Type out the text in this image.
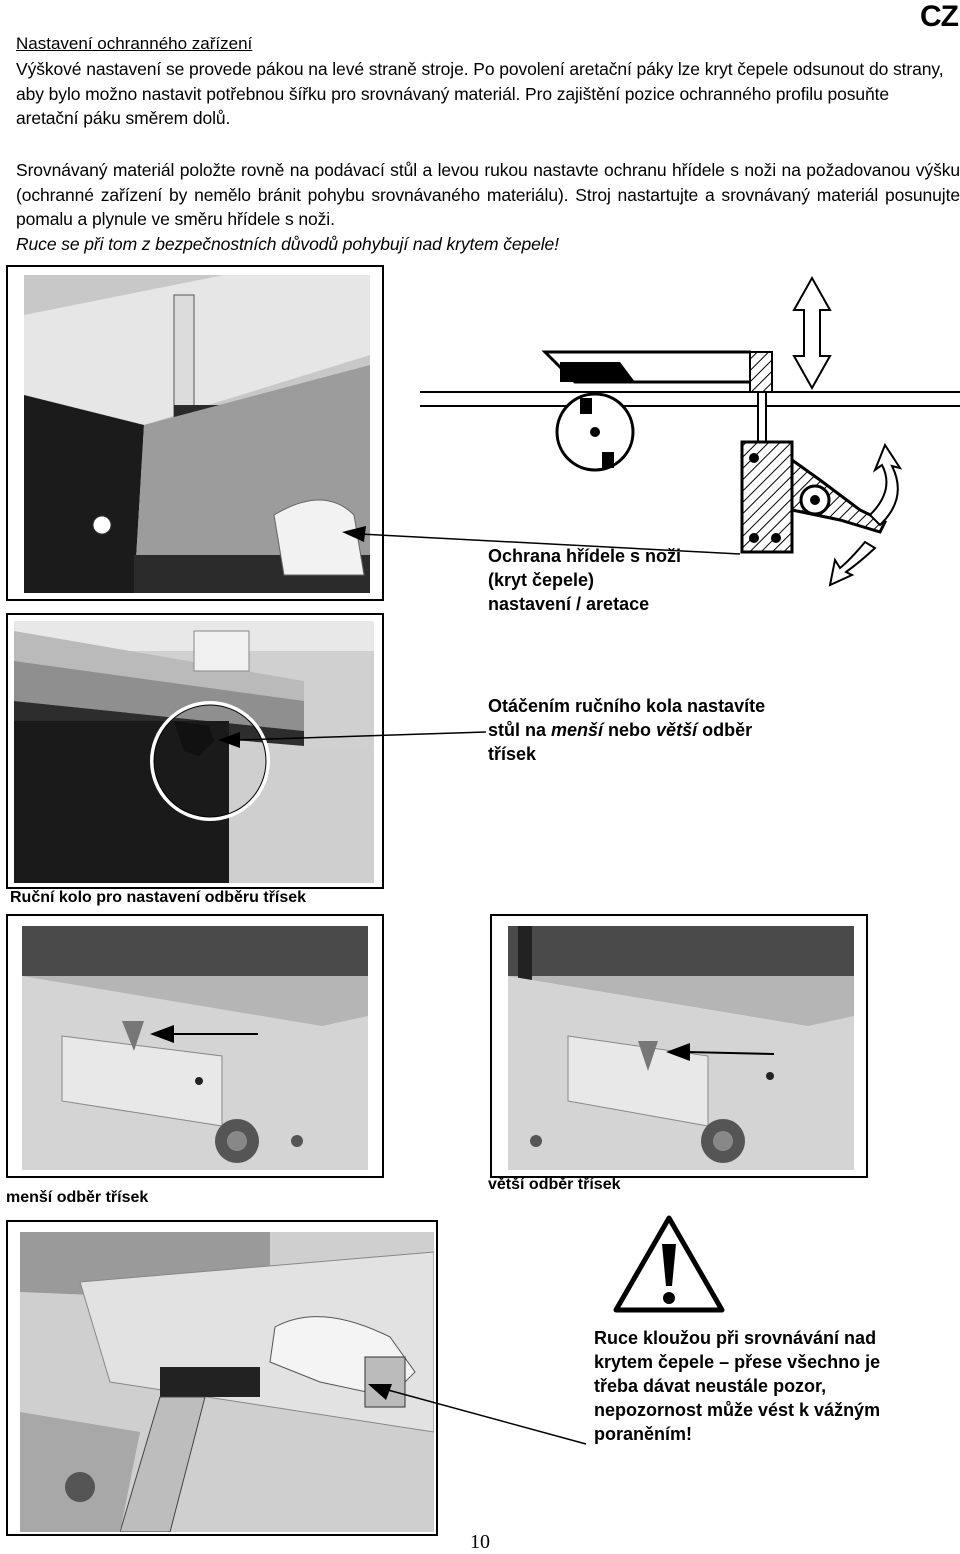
CZ
Nastavení ochranného zařízení
Výškové nastavení se provede pákou na levé straně stroje. Po povolení aretační páky lze kryt čepele odsunout do strany, aby bylo možno nastavit potřebnou šířku pro srovnávaný materiál. Pro zajištění pozice ochranného profilu posuňte aretační páku směrem dolů.
Srovnávaný materiál položte rovně na podávací stůl a levou rukou nastavte ochranu hřídele s noži na požadovanou výšku (ochranné zařízení by nemělo bránit pohybu srovnávaného materiálu). Stroj nastartujte a srovnávaný materiál posunujte pomalu a plynule ve směru hřídele s noži.
Ruce se při tom z bezpečnostních důvodů pohybují nad krytem čepele!
Ochrana hřídele s noži
(kryt čepele)
nastavení / aretace
Otáčením ručního kola nastavíte
stůl na menší nebo větší odběr
třísek
Ruční kolo pro nastavení odběru třísek
menší odběr třísek
větší odběr třísek
Ruce kloužou při srovnávání nad
krytem čepele – přese všechno je
třeba dávat neustále pozor,
nepozornost může vést k vážným
poraněním!
10
